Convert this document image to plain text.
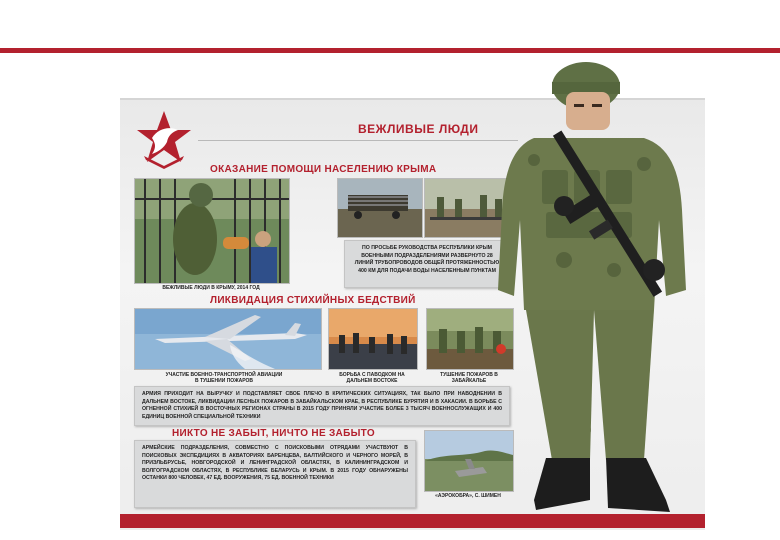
ВЕЖЛИВЫЕ ЛЮДИ
ОКАЗАНИЕ ПОМОЩИ НАСЕЛЕНИЮ КРЫМА
ВЕЖЛИВЫЕ ЛЮДИ В КРЫМУ, 2014 ГОД
ПО ПРОСЬБЕ РУКОВОДСТВА РЕСПУБЛИКИ КРЫМ ВОЕННЫМИ ПОДРАЗДЕЛЕНИЯМИ РАЗВЕРНУТО 28 ЛИНИЙ ТРУБОПРОВОДОВ ОБЩЕЙ ПРОТЯЖЕННОСТЬЮ 400 КМ ДЛЯ ПОДАЧИ ВОДЫ НАСЕЛЕННЫМ ПУНКТАМ
ЛИКВИДАЦИЯ СТИХИЙНЫХ БЕДСТВИЙ
УЧАСТИЕ ВОЕННО-ТРАНСПОРТНОЙ АВИАЦИИ В ТУШЕНИИ ПОЖАРОВ
БОРЬБА С ПАВОДКОМ НА ДАЛЬНЕМ ВОСТОКЕ
ТУШЕНИЕ ПОЖАРОВ В ЗАБАЙКАЛЬЕ
АРМИЯ ПРИХОДИТ НА ВЫРУЧКУ И ПОДСТАВЛЯЕТ СВОЕ ПЛЕЧО В КРИТИЧЕСКИХ СИТУАЦИЯХ, ТАК БЫЛО ПРИ НАВОДНЕНИИ В ДАЛЬНЕМ ВОСТОКЕ, ЛИКВИДАЦИИ ЛЕСНЫХ ПОЖАРОВ В ЗАБАЙКАЛЬСКОМ КРАЕ, В РЕСПУБЛИКЕ БУРЯТИЯ И В ХАКАСИИ. В БОРЬБЕ С ОГНЕННОЙ СТИХИЕЙ В ВОСТОЧНЫХ РЕГИОНАХ СТРАНЫ В 2015 ГОДУ ПРИНЯЛИ УЧАСТИЕ БОЛЕЕ 3 ТЫСЯЧ ВОЕННОСЛУЖАЩИХ И 400 ЕДИНИЦ ВОЕННОЙ СПЕЦИАЛЬНОЙ ТЕХНИКИ
НИКТО НЕ ЗАБЫТ, НИЧТО НЕ ЗАБЫТО
АРМЕЙСКИЕ ПОДРАЗДЕЛЕНИЯ, СОВМЕСТНО С ПОИСКОВЫМИ ОТРЯДАМИ УЧАСТВУЮТ В ПОИСКОВЫХ ЭКСПЕДИЦИЯХ В АКВАТОРИЯХ БАРЕНЦЕВА, БАЛТИЙСКОГО И ЧЕРНОГО МОРЕЙ, В ПРИЭЛЬБРУСЬЕ, НОВГОРОДСКОЙ И ЛЕНИНГРАДСКОЙ ОБЛАСТЯХ, В КАЛИНИНГРАДСКОМ И ВОЛГОГРАДСКОМ ОБЛАСТЯХ, В РЕСПУБЛИКЕ БЕЛАРУСЬ И КРЫМ. В 2015 ГОДУ ОБНАРУЖЕНЫ ОСТАНКИ 800 ЧЕЛОВЕК, 47 ЕД. ВООРУЖЕНИЯ, 75 ЕД. ВОЕННОЙ ТЕХНИКИ
«АЭРОКОБРА», С. ШИМЕН
